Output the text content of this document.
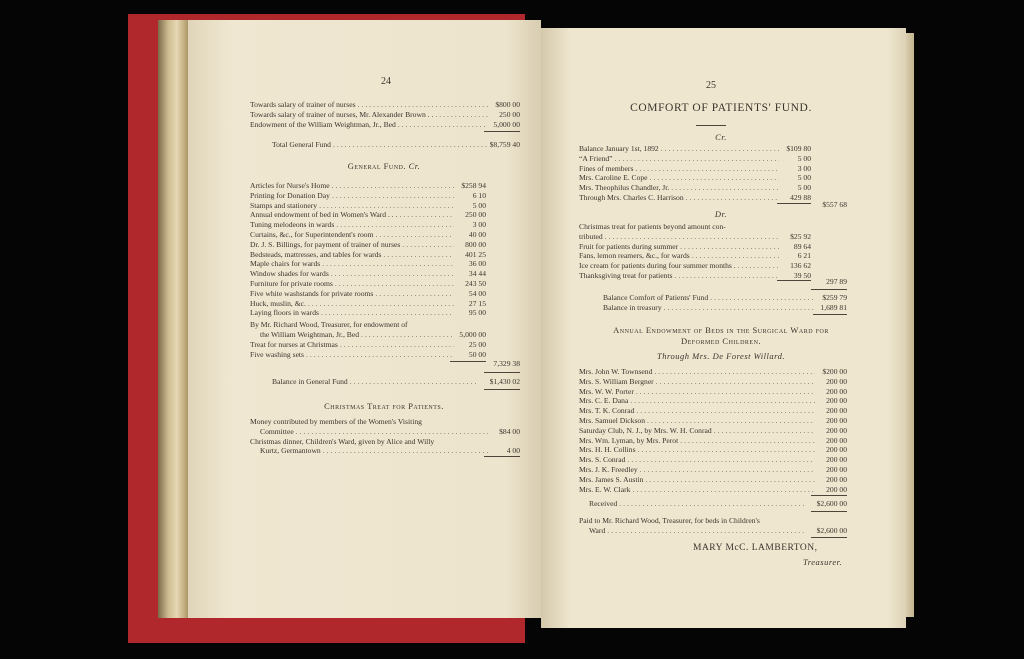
24
Towards salary of trainer of nurses .....	$800 00
Towards salary of trainer of nurses, Mr. Alexander Brown . . .....	250 00
Endowment of the William Weightman, Jr., Bed .....	5,000 00
Total General Fund .....	$8,759 40
General Fund. Cr.
Articles for Nurse's Home .....	$258 94
Printing for Donation Day .....	6 10
Stamps and stationery .....	5 00
Annual endowment of bed in Women's Ward . . . .....	250 00
Tuning melodeons in wards .....	3 00
Curtains, &c., for Superintendent's room .....	40 00
Dr. J. S. Billings, for payment of trainer of nurses .....	800 00
Bedsteads, mattresses, and tables for wards .....	401 25
Maple chairs for wards .....	36 00
Window shades for wards .....	34 44
Furniture for private rooms .....	243 50
Five white washstands for private rooms .....	54 00
Huck, muslin, &c. .....	27 15
Laying floors in wards .....	95 00
By Mr. Richard Wood, Treasurer, for endowment of
the William Weightman, Jr., Bed .....	5,000 00
Treat for nurses at Christmas .....	25 00
Five washing sets .....	50 00
7,329 38
Balance in General Fund .....	$1,430 02
Christmas Treat for Patients.
Money contributed by members of the Women's Visiting
Committee .....	$84 00
Christmas dinner, Children's Ward, given by Alice and Willy
Kurtz, Germantown .....	4 00
25
COMFORT OF PATIENTS' FUND.
Cr.
Balance January 1st, 1892 .....	$109 80
“A Friend” .....	5 00
Fines of members .....	3 00
Mrs. Caroline E. Cope .....	5 00
Mrs. Theophilus Chandler, Jr. .....	5 00
Through Mrs. Charles C. Harrison .....	429 88
$557 68
Dr.
Christmas treat for patients beyond amount con-
tributed .....	$25 92
Fruit for patients during summer .....	89 64
Fans, lemon reamers, &c., for wards .....	6 21
Ice cream for patients during four summer months . .....	136 62
Thanksgiving treat for patients .....	39 50
297 89
Balance Comfort of Patients' Fund .....	$259 79
Balance in treasury .....	1,689 81
Annual Endowment of Beds in the Surgical Ward for
Deformed Children.
Through Mrs. De Forest Willard.
Mrs. John W. Townsend .....	$200 00
Mrs. S. William Bergner .....	200 00
Mrs. W. W. Porter .....	200 00
Mrs. C. E. Dana .....	200 00
Mrs. T. K. Conrad .....	200 00
Mrs. Samuel Dickson .....	200 00
Saturday Club, N. J., by Mrs. W. H. Conrad .....	200 00
Mrs. Wm. Lyman, by Mrs. Perot .....	200 00
Mrs. H. H. Collins .....	200 00
Mrs. S. Conrad .....	200 00
Mrs. J. K. Freedley .....	200 00
Mrs. James S. Austin .....	200 00
Mrs. E. W. Clark .....	200 00
Received .....	$2,600 00
Paid to Mr. Richard Wood, Treasurer, for beds in Children's
Ward .....	$2,600 00
MARY McC. LAMBERTON,
Treasurer.
